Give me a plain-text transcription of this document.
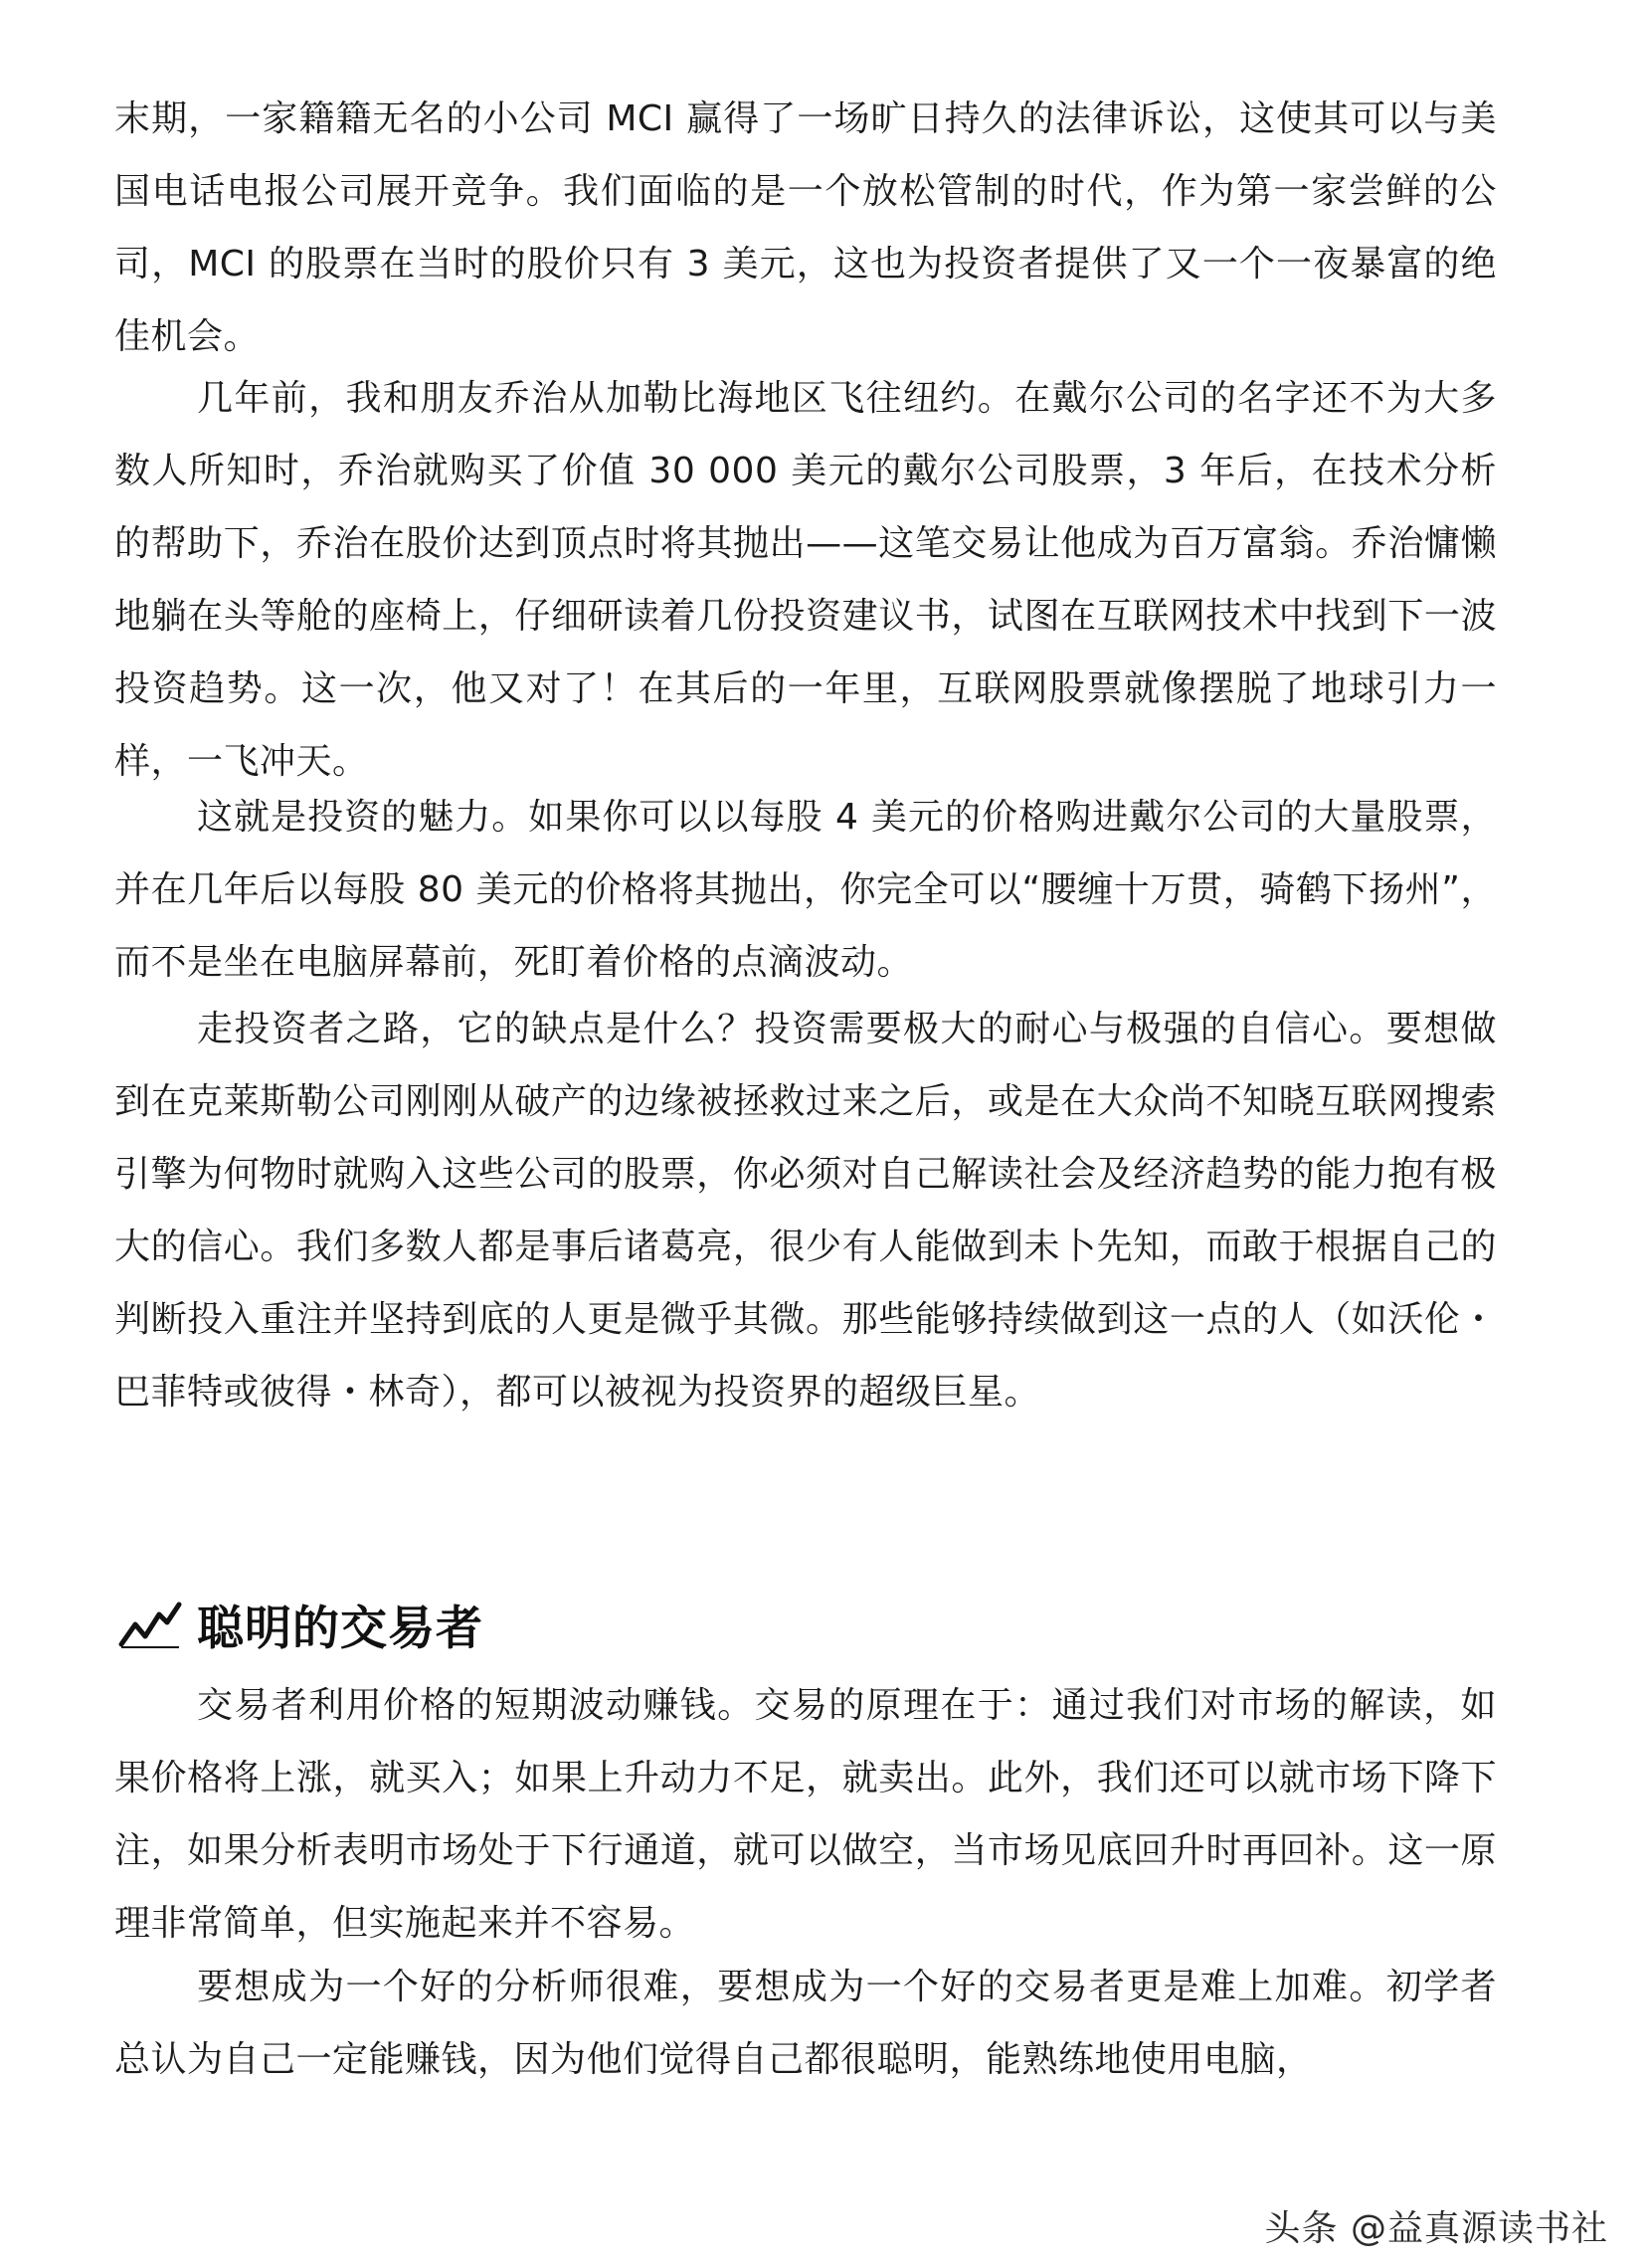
末期，一家籍籍无名的小公司 MCI 赢得了一场旷日持久的法律诉讼，这使其可以与美国电话电报公司展开竞争。我们面临的是一个放松管制的时代，作为第一家尝鲜的公司，MCI 的股票在当时的股价只有 3 美元，这也为投资者提供了又一个一夜暴富的绝佳机会。

几年前，我和朋友乔治从加勒比海地区飞往纽约。在戴尔公司的名字还不为大多数人所知时，乔治就购买了价值 30 000 美元的戴尔公司股票，3 年后，在技术分析的帮助下，乔治在股价达到顶点时将其抛出——这笔交易让他成为百万富翁。乔治慵懒地躺在头等舱的座椅上，仔细研读着几份投资建议书，试图在互联网技术中找到下一波投资趋势。这一次，他又对了！在其后的一年里，互联网股票就像摆脱了地球引力一样，一飞冲天。

这就是投资的魅力。如果你可以以每股 4 美元的价格购进戴尔公司的大量股票，并在几年后以每股 80 美元的价格将其抛出，你完全可以“腰缠十万贯，骑鹤下扬州”，而不是坐在电脑屏幕前，死盯着价格的点滴波动。

走投资者之路，它的缺点是什么？投资需要极大的耐心与极强的自信心。要想做到在克莱斯勒公司刚刚从破产的边缘被拯救过来之后，或是在大众尚不知晓互联网搜索引擎为何物时就购入这些公司的股票，你必须对自己解读社会及经济趋势的能力抱有极大的信心。我们多数人都是事后诸葛亮，很少有人能做到未卜先知，而敢于根据自己的判断投入重注并坚持到底的人更是微乎其微。那些能够持续做到这一点的人（如沃伦・巴菲特或彼得・林奇），都可以被视为投资界的超级巨星。

聪明的交易者

交易者利用价格的短期波动赚钱。交易的原理在于：通过我们对市场的解读，如果价格将上涨，就买入；如果上升动力不足，就卖出。此外，我们还可以就市场下降下注，如果分析表明市场处于下行通道，就可以做空，当市场见底回升时再回补。这一原理非常简单，但实施起来并不容易。

要想成为一个好的分析师很难，要想成为一个好的交易者更是难上加难。初学者总认为自己一定能赚钱，因为他们觉得自己都很聪明，能熟练地使用电脑，

头条 @益真源读书社
